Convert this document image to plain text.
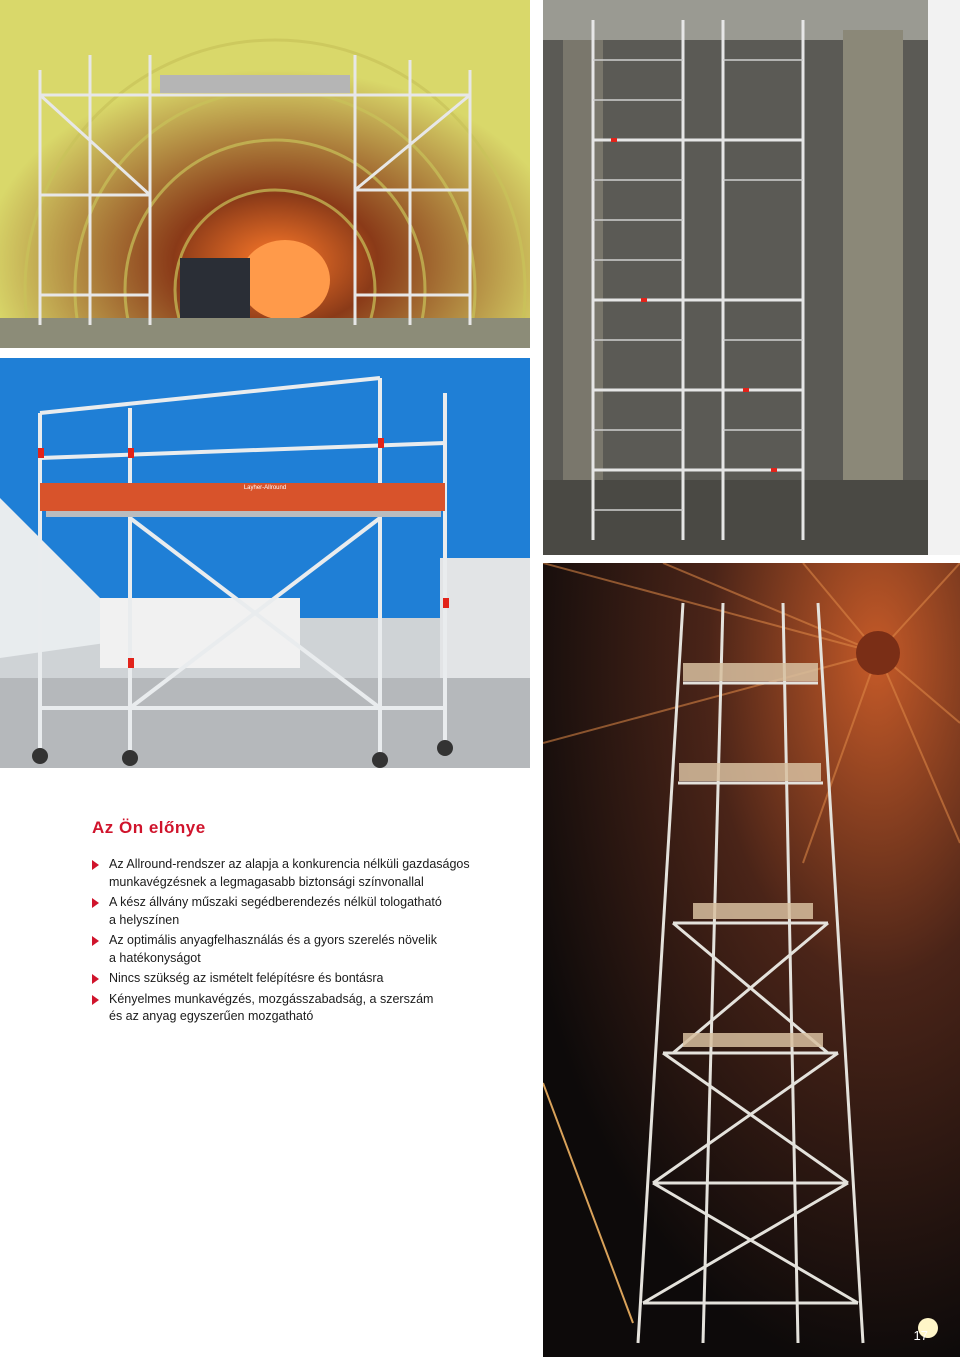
Layher-Allround
Az Ön előnye
Az Allround-rendszer az alapja a konkurencia nélküli gazdaságos
munkavégzésnek a legmagasabb biztonsági színvonallal
A kész állvány műszaki segédberendezés nélkül tologatható
a helyszínen
Az optimális anyagfelhasználás és a gyors szerelés növelik
a hatékonyságot
Nincs szükség az ismételt felépítésre és bontásra
Kényelmes munkavégzés, mozgásszabadság, a szerszám
és az anyag egyszerűen mozgatható
17
